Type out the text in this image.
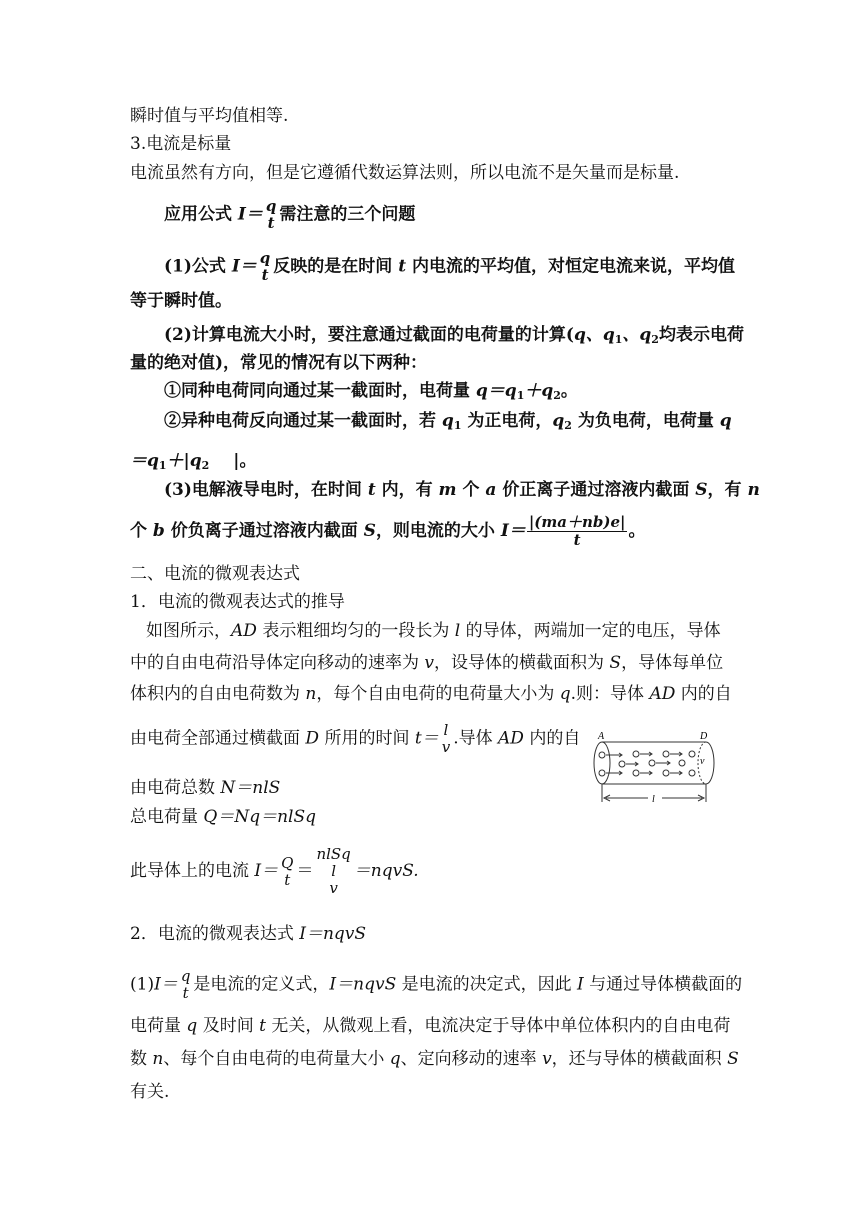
瞬时值与平均值相等.
3.电流是标量
电流虽然有方向，但是它遵循代数运算法则，所以电流不是矢量而是标量.
应用公式 I＝ q
t 需注意的三个问题
(1)公式 I＝ q
t 反映的是在时间 t 内电流的平均值，对恒定电流来说，平均值
等于瞬时值。
(2)计算电流大小时，要注意通过截面的电荷量的计算(q、$q_1$、$q_2$均表示电荷
量的绝对值)，常见的情况有以下两种：
①同种电荷同向通过某一截面时，电荷量 $q=q_1+q_2$。
②异种电荷反向通过某一截面时，若 $q_1$ 为正电荷，$q_2$ 为负电荷，电荷量 q
$=q_1+|q_2$ |。
(3)电解液导电时，在时间 t 内，有 m 个 a 价正离子通过溶液内截面 S，有 n
个 b 价负离子通过溶液内截面 S，则电流的大小 $I= \frac{|(ma+nb)e|}{t}$ 。
二、电流的微观表达式
1．电流的微观表达式的推导
如图所示，AD 表示粗细均匀的一段长为 l 的导体，两端加一定的电压，导体
中的自由电荷沿导体定向移动的速率为 v，设导体的横截面积为 S，导体每单位
体积内的自由电荷数为 n，每个自由电荷的电荷量大小为 q.则：导体 AD 内的自
由电荷全部通过横截面 D 所用的时间 t＝ l
v .导体 AD 内的自
由电荷总数 N＝nlS
总电荷量 Q＝Nq＝nlSq
此导体上的电流 I＝ Q
t ＝
nlSq
l
v
＝nqvS.
2．电流的微观表达式 I＝nqvS
(1)I＝ q
t 是电流的定义式，I＝nqvS 是电流的决定式，因此 I 与通过导体横截面的
电荷量 q 及时间 t 无关，从微观上看，电流决定于导体中单位体积内的自由电荷
数 n、每个自由电荷的电荷量大小 q、定向移动的速率 v，还与导体的横截面积 S
有关.
A	D
v
l
